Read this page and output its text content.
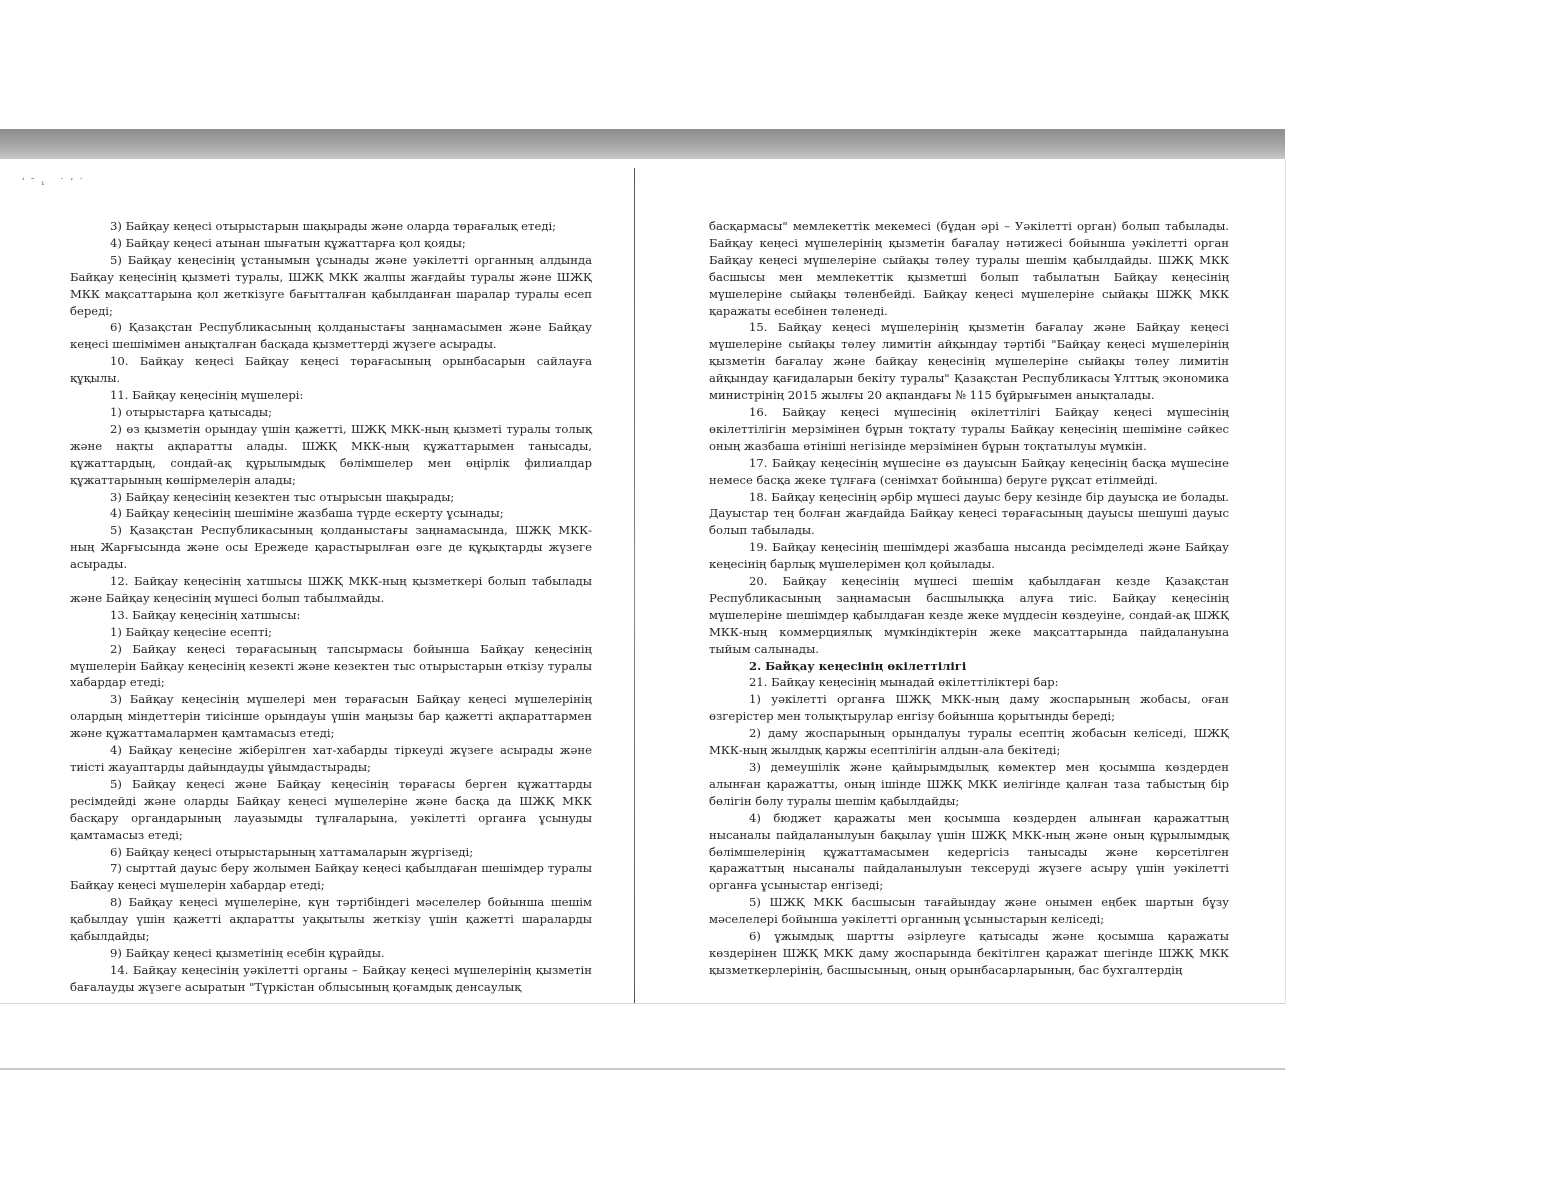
ʹ˜₁ ˙ʼ˙

3) Байқау кеңесі отырыстарын шақырады және оларда төрағалық етеді;

4) Байқау кеңесі атынан шығатын құжаттарға қол қояды;

5) Байқау кеңесінің ұстанымын ұсынады және уәкілетті органның алдында Байқау кеңесінің қызметі туралы, ШЖҚ МКК жалпы жағдайы туралы және ШЖҚ МКК мақсаттарына қол жеткізуге бағытталған қабылданған шаралар туралы есеп береді;

6) Қазақстан Республикасының қолданыстағы заңнамасымен және Байқау кеңесі шешімімен анықталған басқада қызметтерді жүзеге асырады.

10. Байқау кеңесі Байқау кеңесі төрағасының орынбасарын сайлауға құқылы.

11. Байқау кеңесінің мүшелері:

1) отырыстарға қатысады;

2) өз қызметін орындау үшін қажетті, ШЖҚ МКК-ның қызметі туралы толық және нақты ақпаратты алады. ШЖҚ МКК-ның құжаттарымен танысады, құжаттардың, сондай-ақ құрылымдық бөлімшелер мен өңірлік филиалдар құжаттарының көшірмелерін алады;

3) Байқау кеңесінің кезектен тыс отырысын шақырады;

4) Байқау кеңесінің шешіміне жазбаша түрде ескерту ұсынады;

5) Қазақстан Республикасының қолданыстағы заңнамасында, ШЖҚ МКК-ның Жарғысында және осы Ережеде қарастырылған өзге де құқықтарды жүзеге асырады.

12. Байқау кеңесінің хатшысы ШЖҚ МКК-ның қызметкері болып табылады және Байқау кеңесінің мүшесі болып табылмайды.

13. Байқау кеңесінің хатшысы:

1) Байқау кеңесіне есепті;

2) Байқау кеңесі төрағасының тапсырмасы бойынша Байқау кеңесінің мүшелерін Байқау кеңесінің кезекті және кезектен тыс отырыстарын өткізу туралы хабардар етеді;

3) Байқау кеңесінің мүшелері мен төрағасын Байқау кеңесі мүшелерінің олардың міндеттерін тиісінше орындауы үшін маңызы бар қажетті ақпараттармен және құжаттамалармен қамтамасыз етеді;

4) Байқау кеңесіне жіберілген хат-хабарды тіркеуді жүзеге асырады және тиісті жауаптарды дайындауды ұйымдастырады;

5) Байқау кеңесі және Байқау кеңесінің төрағасы берген құжаттарды ресімдейді және оларды Байқау кеңесі мүшелеріне және басқа да ШЖҚ МКК басқару органдарының лауазымды тұлғаларына, уәкілетті органға ұсынуды қамтамасыз етеді;

6) Байқау кеңесі отырыстарының хаттамаларын жүргізеді;

7) сырттай дауыс беру жолымен Байқау кеңесі қабылдаған шешімдер туралы Байқау кеңесі мүшелерін хабардар етеді;

8) Байқау кеңесі мүшелеріне, күн тәртібіндегі мәселелер бойынша шешім қабылдау үшін қажетті ақпаратты уақытылы жеткізу үшін қажетті шараларды қабылдайды;

9) Байқау кеңесі қызметінің есебін құрайды.

14. Байқау кеңесінің уәкілетті органы – Байқау кеңесі мүшелерінің қызметін бағалауды жүзеге асыратын "Түркістан облысының қоғамдық денсаулық

басқармасы" мемлекеттік мекемесі (бұдан әрі – Уәкілетті орган) болып табылады. Байқау кеңесі мүшелерінің қызметін бағалау нәтижесі бойынша уәкілетті орган Байқау кеңесі мүшелеріне сыйақы төлеу туралы шешім қабылдайды. ШЖҚ МКК басшысы мен мемлекеттік қызметші болып табылатын Байқау кеңесінің мүшелеріне сыйақы төленбейді. Байқау кеңесі мүшелеріне сыйақы ШЖҚ МКК қаражаты есебінен төленеді.

15. Байқау кеңесі мүшелерінің қызметін бағалау және Байқау кеңесі мүшелеріне сыйақы төлеу лимитін айқындау тәртібі "Байқау кеңесі мүшелерінің қызметін бағалау және байқау кеңесінің мүшелеріне сыйақы төлеу лимитін айқындау қағидаларын бекіту туралы" Қазақстан Республикасы Ұлттық экономика министрінің 2015 жылғы 20 ақпандағы № 115 бұйрығымен анықталады.

16. Байқау кеңесі мүшесінің өкілеттілігі Байқау кеңесі мүшесінің өкілеттілігін мерзімінен бұрын тоқтату туралы Байқау кеңесінің шешіміне сәйкес оның жазбаша өтініші негізінде мерзімінен бұрын тоқтатылуы мүмкін.

17. Байқау кеңесінің мүшесіне өз дауысын Байқау кеңесінің басқа мүшесіне немесе басқа жеке тұлғаға (сенімхат бойынша) беруге рұқсат етілмейді.

18. Байқау кеңесінің әрбір мүшесі дауыс беру кезінде бір дауысқа ие болады. Дауыстар тең болған жағдайда Байқау кеңесі төрағасының дауысы шешуші дауыс болып табылады.

19. Байқау кеңесінің шешімдері жазбаша нысанда ресімделеді және Байқау кеңесінің барлық мүшелерімен қол қойылады.

20. Байқау кеңесінің мүшесі шешім қабылдаған кезде Қазақстан Республикасының заңнамасын басшылыққа алуға тиіс. Байқау кеңесінің мүшелеріне шешімдер қабылдаған кезде жеке мүддесін көздеуіне, сондай-ақ ШЖҚ МКК-ның коммерциялық мүмкіндіктерін жеке мақсаттарында пайдалануына тыйым салынады.

2. Байқау кеңесінің өкілеттілігі

21. Байқау кеңесінің мынадай өкілеттіліктері бар:

1) уәкілетті органға ШЖҚ МКК-ның даму жоспарының жобасы, оған өзгерістер мен толықтырулар енгізу бойынша қорытынды береді;

2) даму жоспарының орындалуы туралы есептің жобасын келіседі, ШЖҚ МКК-ның жылдық қаржы есептілігін алдын-ала бекітеді;

3) демеушілік және қайырымдылық көмектер мен қосымша көздерден алынған қаражатты, оның ішінде ШЖҚ МКК иелігінде қалған таза табыстың бір бөлігін бөлу туралы шешім қабылдайды;

4) бюджет қаражаты мен қосымша көздерден алынған қаражаттың нысаналы пайдаланылуын бақылау үшін ШЖҚ МКК-ның және оның құрылымдық бөлімшелерінің құжаттамасымен кедергісіз танысады және көрсетілген қаражаттың нысаналы пайдаланылуын тексеруді жүзеге асыру үшін уәкілетті органға ұсыныстар енгізеді;

5) ШЖҚ МКК басшысын тағайындау және онымен еңбек шартын бұзу мәселелері бойынша уәкілетті органның ұсыныстарын келіседі;

6) ұжымдық шартты әзірлеуге қатысады және қосымша қаражаты көздерінен ШЖҚ МКК даму жоспарында бекітілген қаражат шегінде ШЖҚ МКК қызметкерлерінің, басшысының, оның орынбасарларының, бас бухгалтердің
